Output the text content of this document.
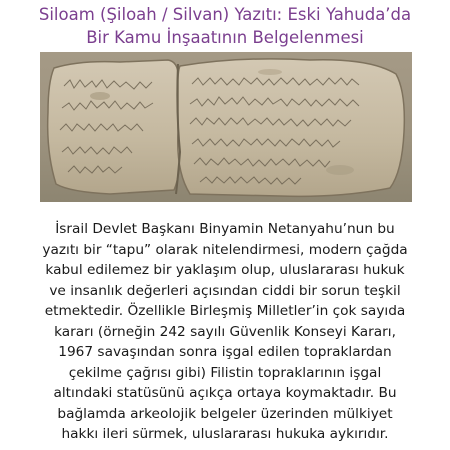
Siloam (Şiloah / Silvan) Yazıtı: Eski Yahuda’da
Bir Kamu İnşaatının Belgelenmesi
İsrail Devlet Başkanı Binyamin Netanyahu’nun bu
yazıtı bir “tapu” olarak nitelendirmesi, modern çağda
kabul edilemez bir yaklaşım olup, uluslararası hukuk
ve insanlık değerleri açısından ciddi bir sorun teşkil
etmektedir. Özellikle Birleşmiş Milletler’in çok sayıda
kararı (örneğin 242 sayılı Güvenlik Konseyi Kararı,
1967 savaşından sonra işgal edilen topraklardan
çekilme çağrısı gibi) Filistin topraklarının işgal
altındaki statüsünü açıkça ortaya koymaktadır. Bu
bağlamda arkeolojik belgeler üzerinden mülkiyet
hakkı ileri sürmek, uluslararası hukuka aykırıdır.
